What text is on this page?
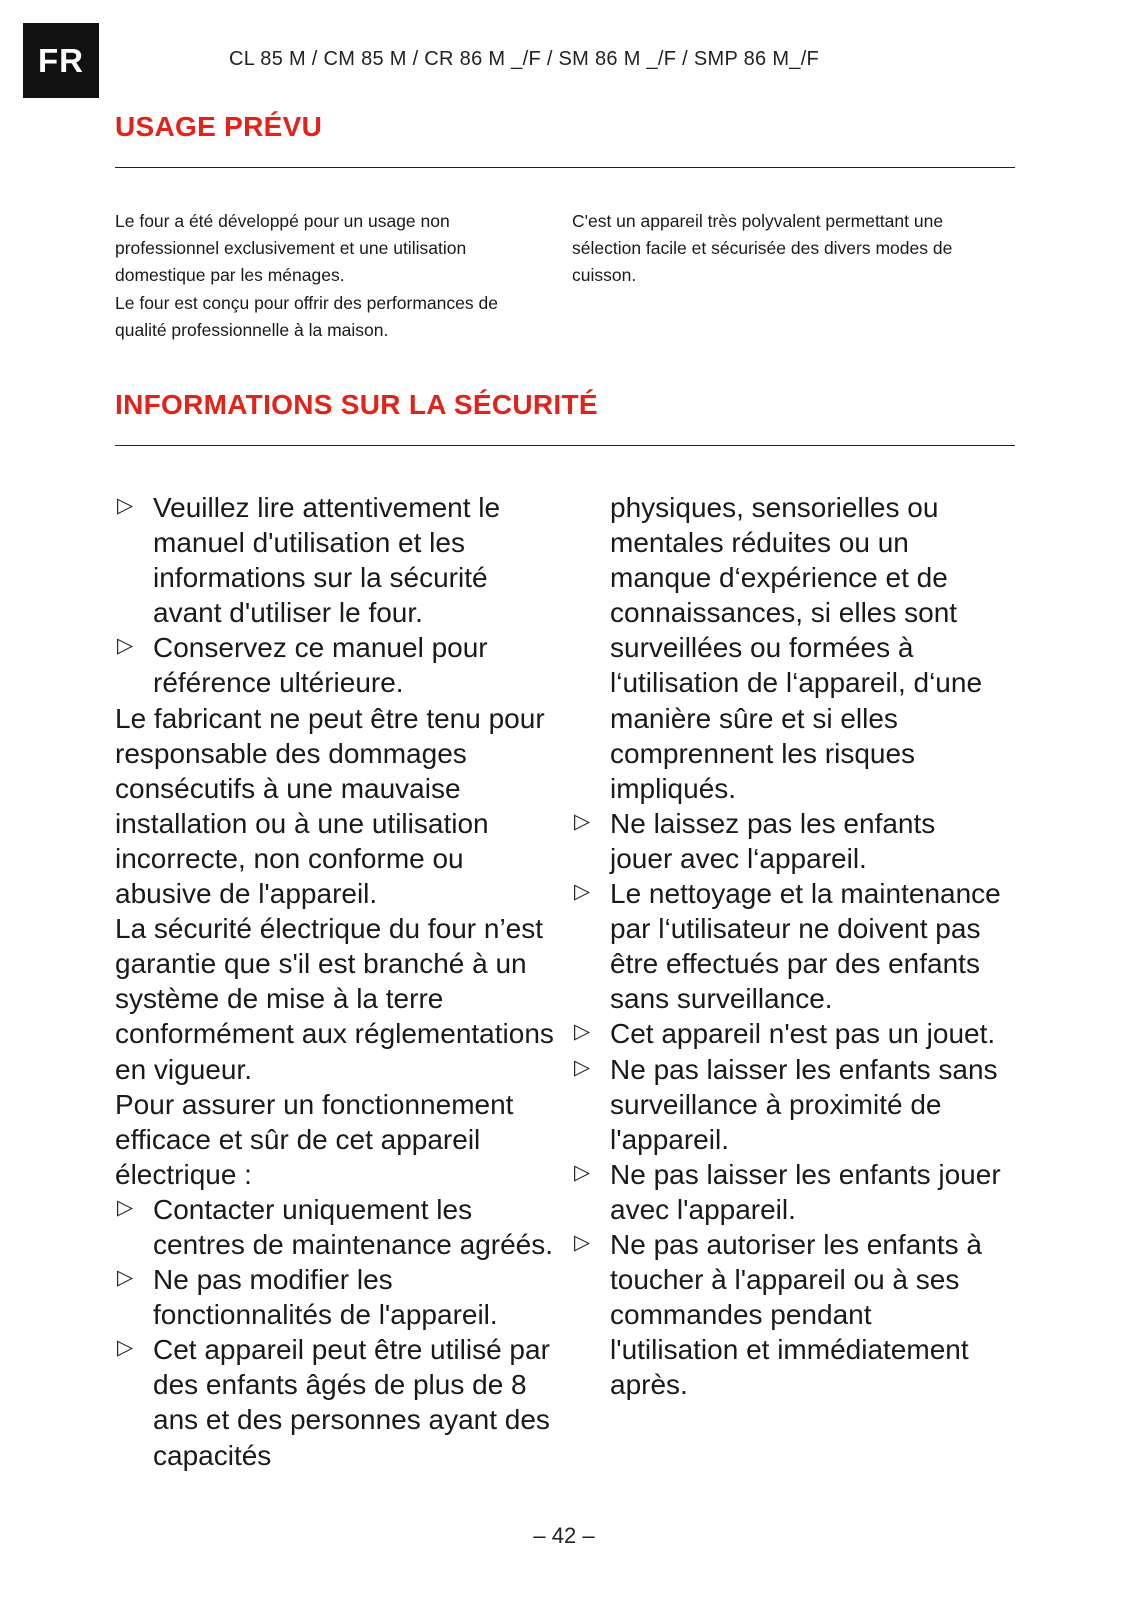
FR	CL 85 M / CM 85 M / CR 86 M _/F / SM 86 M _/F / SMP 86 M_/F
USAGE PRÉVU

Le four a été développé pour un usage non professionnel exclusivement et une utilisation domestique par les ménages.

Le four est conçu pour offrir des performances de qualité professionnelle à la maison.

C'est un appareil très polyvalent permettant une sélection facile et sécurisée des divers modes de cuisson.

INFORMATIONS SUR LA SÉCURITÉ

▷ Veuillez lire attentivement le manuel d'utilisation et les informations sur la sécurité avant d'utiliser le four.

▷ Conservez ce manuel pour référence ultérieure.

Le fabricant ne peut être tenu pour responsable des dommages consécutifs à une mauvaise installation ou à une utilisation incorrecte, non conforme ou abusive de l'appareil.

La sécurité électrique du four n’est garantie que s'il est branché à un système de mise à la terre conformément aux réglementations en vigueur.

Pour assurer un fonctionnement efficace et sûr de cet appareil électrique :

▷ Contacter uniquement les centres de maintenance agréés.

▷ Ne pas modifier les fonctionnalités de l'appareil.

▷ Cet appareil peut être utilisé par des enfants âgés de plus de 8 ans et des personnes ayant des capacités

physiques, sensorielles ou mentales réduites ou un manque d‘expérience et de connaissances, si elles sont surveillées ou formées à l‘utilisation de l‘appareil, d‘une manière sûre et si elles comprennent les risques impliqués.

▷ Ne laissez pas les enfants jouer avec l‘appareil.

▷ Le nettoyage et la maintenance par l‘utilisateur ne doivent pas être effectués par des enfants sans surveillance.

▷ Cet appareil n'est pas un jouet.

▷ Ne pas laisser les enfants sans surveillance à proximité de l'appareil.

▷ Ne pas laisser les enfants jouer avec l'appareil.

▷ Ne pas autoriser les enfants à toucher à l'appareil ou à ses commandes pendant l'utilisation et immédiatement après.

– 42 –
